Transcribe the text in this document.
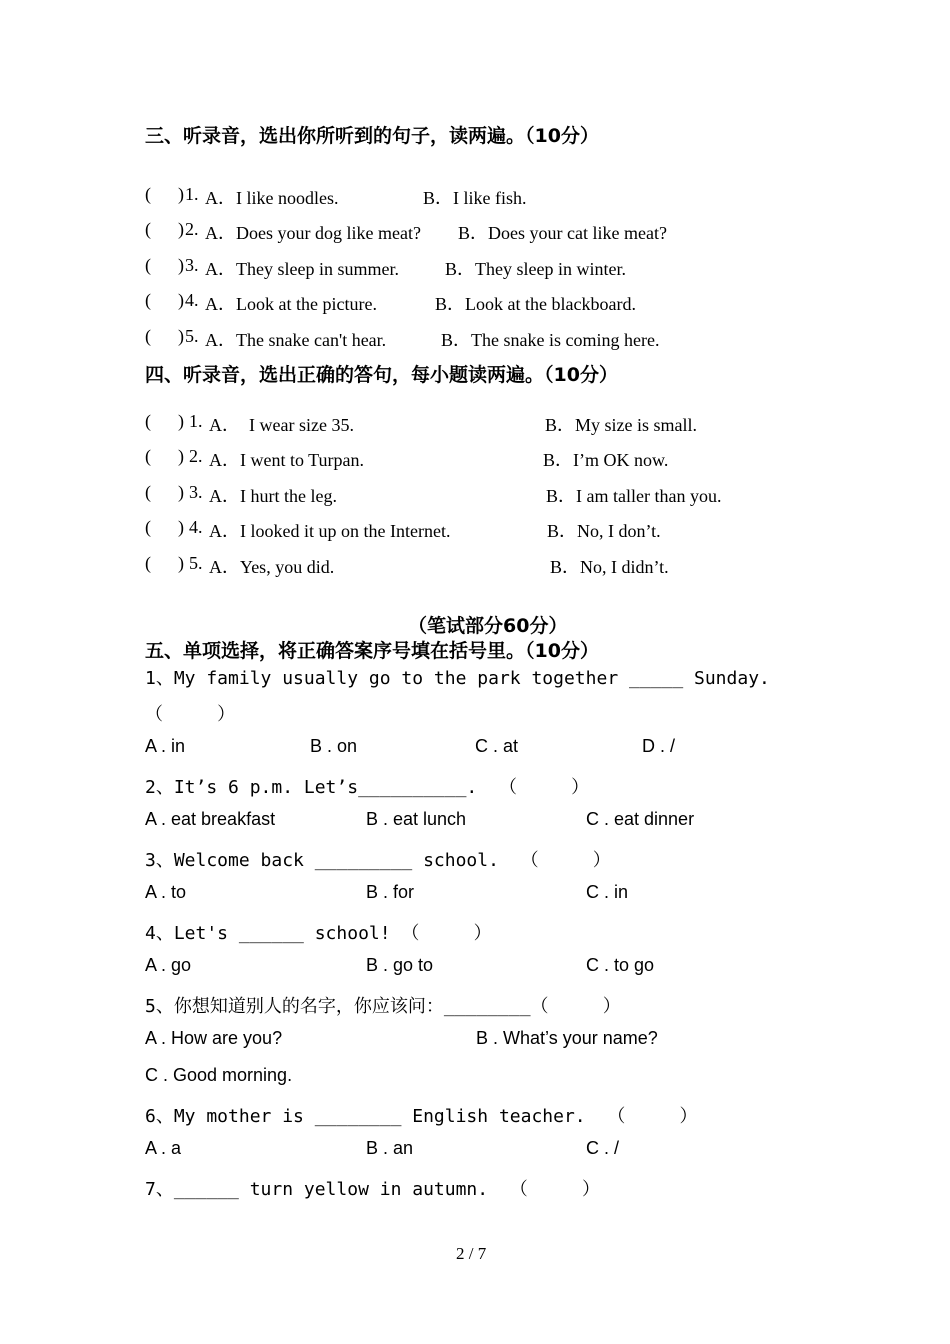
三、听录音，选出你所听到的句子，读两遍。（10分）
(      ) 1. A．I like noodles.	B．I like fish.
(      ) 2. A．Does your dog like meat? B．Does your cat like meat?
(      ) 3. A．They sleep in summer.	B．They sleep in winter.
(      ) 4. A．Look at the picture.	B．Look at the blackboard.
(      ) 5. A．The snake can't hear.	B．The snake is coming here.
四、听录音，选出正确的答句，每小题读两遍。（10分）
(      ) 1. A．  I wear size 35.	B．My size is small.
(      ) 2. A．I went to Turpan.	B．I’m OK now.
(      ) 3. A．I hurt the leg.	B．I am taller than you.
(      ) 4. A．I looked it up on the Internet.	B．No, I don’t.
(      ) 5. A．Yes, you did.	B．No, I didn’t.
（笔试部分60分）
五、单项选择，将正确答案序号填在括号里。（10分）
1、My family usually go to the park together _____ Sunday.
（     ）
A . in	B . on	C . at	D . /
2、It’s 6 p.m. Let’s__________.  （     ）
A . eat breakfast	B . eat lunch	C . eat dinner
3、Welcome back _________ school.  （     ）
A . to	B . for	C . in
4、Let's ______ school! （     ）
A . go	B . go to	C . to go
5、你想知道别人的名字，你应该问：________（     ）
A . How are you?	B . What’s your name?
C . Good morning.
6、My mother is ________ English teacher.  （     ）
A . a	B . an	C . /
7、______ turn yellow in autumn.  （     ）
2 / 7
